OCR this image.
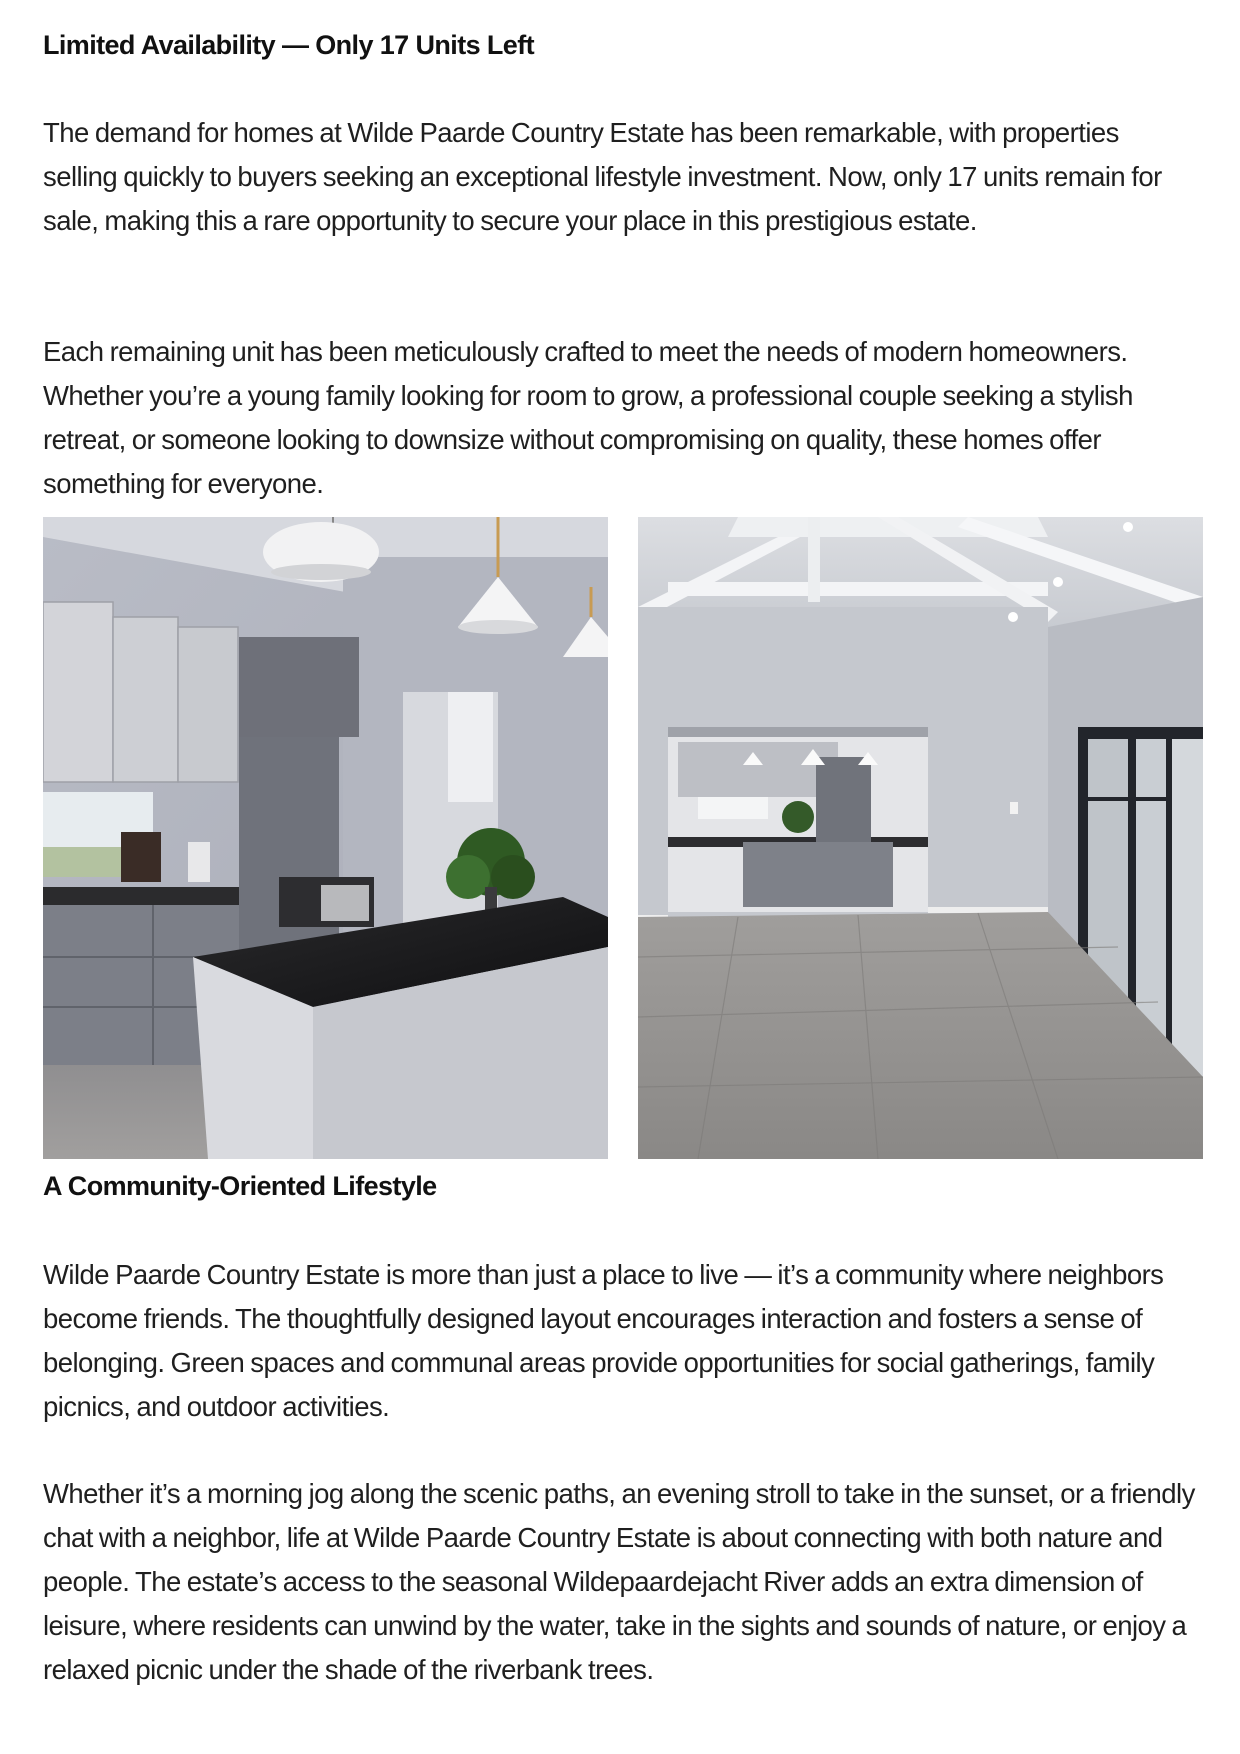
Limited Availability — Only 17 Units Left

The demand for homes at Wilde Paarde Country Estate has been remarkable, with properties selling quickly to buyers seeking an exceptional lifestyle investment. Now, only 17 units remain for sale, making this a rare opportunity to secure your place in this prestigious estate.

Each remaining unit has been meticulously crafted to meet the needs of modern homeowners. Whether you’re a young family looking for room to grow, a professional couple seeking a stylish retreat, or someone looking to downsize without compromising on quality, these homes offer something for everyone.

A Community-Oriented Lifestyle

Wilde Paarde Country Estate is more than just a place to live — it’s a community where neighbors become friends. The thoughtfully designed layout encourages interaction and fosters a sense of belonging. Green spaces and communal areas provide opportunities for social gatherings, family picnics, and outdoor activities.

Whether it’s a morning jog along the scenic paths, an evening stroll to take in the sunset, or a friendly chat with a neighbor, life at Wilde Paarde Country Estate is about connecting with both nature and people. The estate’s access to the seasonal Wildepaardejacht River adds an extra dimension of leisure, where residents can unwind by the water, take in the sights and sounds of nature, or enjoy a relaxed picnic under the shade of the riverbank trees.
